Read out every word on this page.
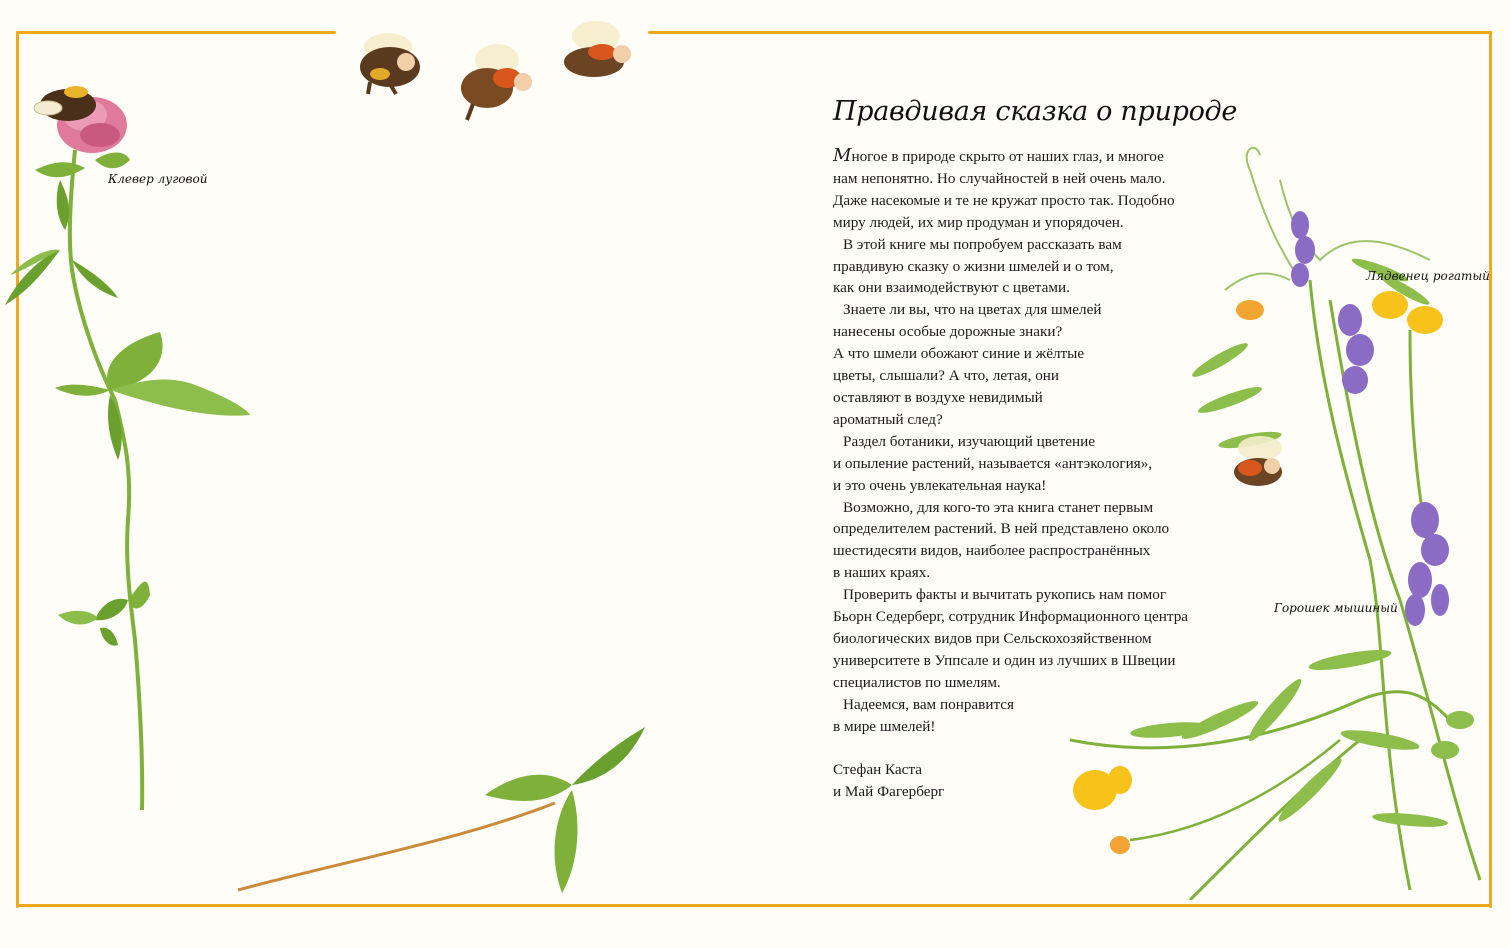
Клевер луговой
Правдивая сказка о природе
Многое в природе скрыто от наших глаз, и многое
нам непонятно. Но случайностей в ней очень мало.
Даже насекомые и те не кружат просто так. Подобно
миру людей, их мир продуман и упорядочен.
В этой книге мы попробуем рассказать вам
правдивую сказку о жизни шмелей и о том,
как они взаимодействуют с цветами.
Знаете ли вы, что на цветах для шмелей
нанесены особые дорожные знаки?
А что шмели обожают синие и жёлтые
цветы, слышали? А что, летая, они
оставляют в воздухе невидимый
ароматный след?
Раздел ботаники, изучающий цветение
и опыление растений, называется «антэкология»,
и это очень увлекательная наука!
Возможно, для кого-то эта книга станет первым
определителем растений. В ней представлено около
шестидесяти видов, наиболее распространённых
в наших краях.
Проверить факты и вычитать рукопись нам помог
Бьорн Седерберг, сотрудник Информационного центра
биологических видов при Сельскохозяйственном
университете в Уппсале и один из лучших в Швеции
специалистов по шмелям.
Надеемся, вам понравится
в мире шмелей!
Стефан Каста
и Май Фагерберг
Лядвенец рогатый
Горошек мышиный
